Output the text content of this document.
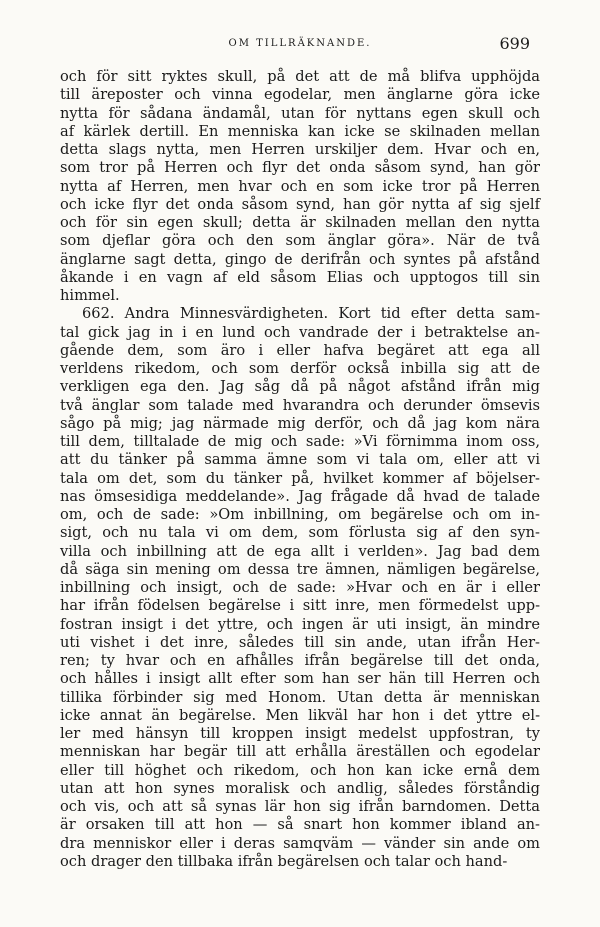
OM TILLRÄKNANDE.	699
och för sitt ryktes skull, på det att de må blifva upphöjda
till äreposter och vinna egodelar, men änglarne göra icke
nytta för sådana ändamål, utan för nyttans egen skull och
af kärlek dertill. En menniska kan icke se skilnaden mellan
detta slags nytta, men Herren urskiljer dem. Hvar och en,
som tror på Herren och flyr det onda såsom synd, han gör
nytta af Herren, men hvar och en som icke tror på Herren
och icke flyr det onda såsom synd, han gör nytta af sig sjelf
och för sin egen skull; detta är skilnaden mellan den nytta
som djeflar göra och den som änglar göra». När de två
änglarne sagt detta, gingo de derifrån och syntes på afstånd
åkande i en vagn af eld såsom Elias och upptogos till sin
himmel.
662. Andra Minnesvärdigheten. Kort tid efter detta sam-
tal gick jag in i en lund och vandrade der i betraktelse an-
gående dem, som äro i eller hafva begäret att ega all
verldens rikedom, och som derför också inbilla sig att de
verkligen ega den. Jag såg då på något afstånd ifrån mig
två änglar som talade med hvarandra och derunder ömsevis
sågo på mig; jag närmade mig derför, och då jag kom nära
till dem, tilltalade de mig och sade: »Vi förnimma inom oss,
att du tänker på samma ämne som vi tala om, eller att vi
tala om det, som du tänker på, hvilket kommer af böjelser-
nas ömsesidiga meddelande». Jag frågade då hvad de talade
om, och de sade: »Om inbillning, om begärelse och om in-
sigt, och nu tala vi om dem, som förlusta sig af den syn-
villa och inbillning att de ega allt i verlden». Jag bad dem
då säga sin mening om dessa tre ämnen, nämligen begärelse,
inbillning och insigt, och de sade: »Hvar och en är i eller
har ifrån födelsen begärelse i sitt inre, men förmedelst upp-
fostran insigt i det yttre, och ingen är uti insigt, än mindre
uti vishet i det inre, således till sin ande, utan ifrån Her-
ren; ty hvar och en afhålles ifrån begärelse till det onda,
och hålles i insigt allt efter som han ser hän till Herren och
tillika förbinder sig med Honom. Utan detta är menniskan
icke annat än begärelse. Men likväl har hon i det yttre el-
ler med hänsyn till kroppen insigt medelst uppfostran, ty
menniskan har begär till att erhålla äreställen och egodelar
eller till höghet och rikedom, och hon kan icke ernå dem
utan att hon synes moralisk och andlig, således förståndig
och vis, och att så synas lär hon sig ifrån barndomen. Detta
är orsaken till att hon — så snart hon kommer ibland an-
dra menniskor eller i deras samqväm — vänder sin ande om
och drager den tillbaka ifrån begärelsen och talar och hand-
